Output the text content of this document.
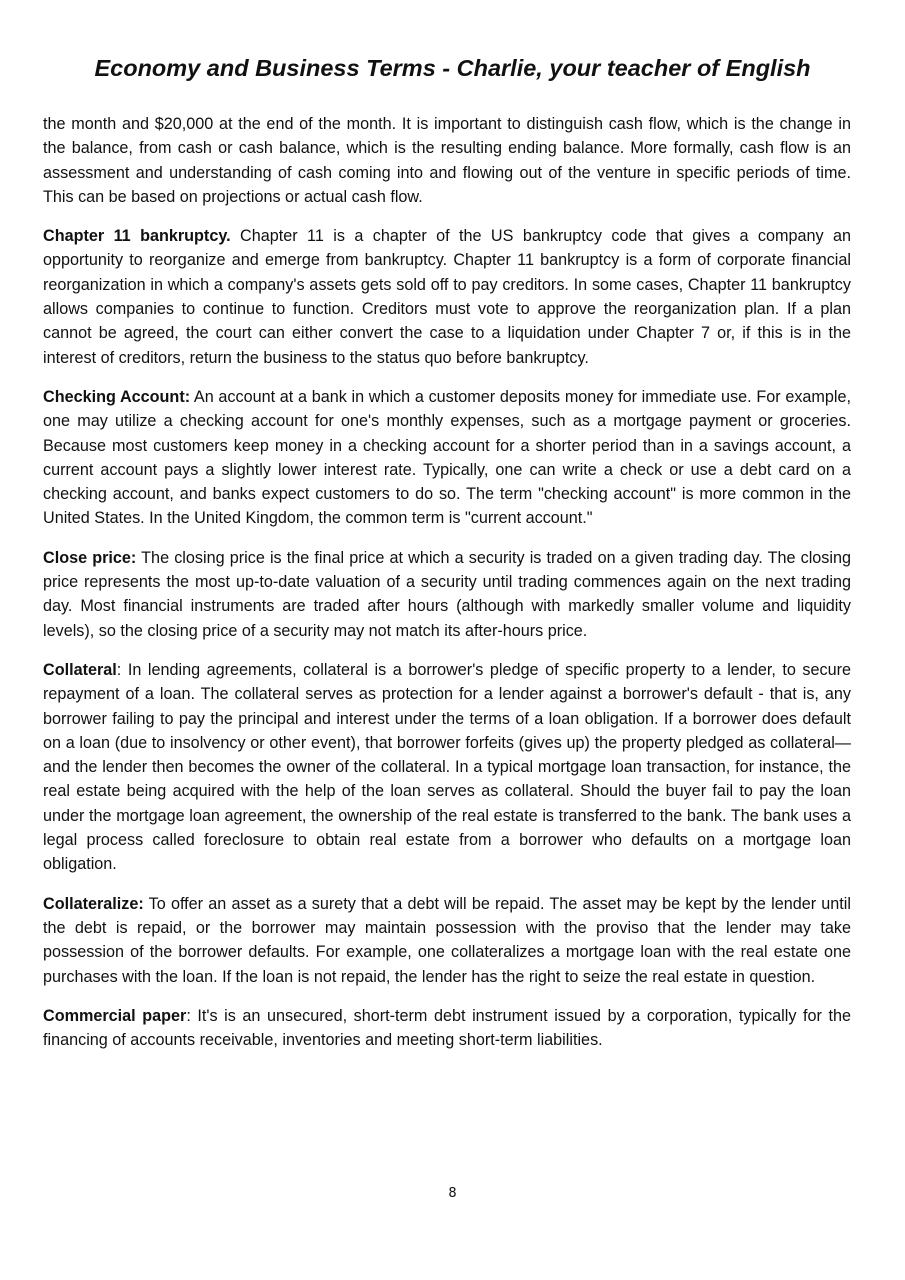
Economy and Business Terms - Charlie, your teacher of English

the month and $20,000 at the end of the month. It is important to distinguish cash flow, which is the change in the balance, from cash or cash balance, which is the resulting ending balance. More formally, cash flow is an assessment and understanding of cash coming into and flowing out of the venture in specific periods of time. This can be based on projections or actual cash flow.

Chapter 11 bankruptcy. Chapter 11 is a chapter of the US bankruptcy code that gives a company an opportunity to reorganize and emerge from bankruptcy. Chapter 11 bankruptcy is a form of corporate financial reorganization in which a company's assets gets sold off to pay creditors. In some cases, Chapter 11 bankruptcy allows companies to continue to function. Creditors must vote to approve the reorganization plan. If a plan cannot be agreed, the court can either convert the case to a liquidation under Chapter 7 or, if this is in the interest of creditors, return the business to the status quo before bankruptcy.

Checking Account: An account at a bank in which a customer deposits money for immediate use. For example, one may utilize a checking account for one's monthly expenses, such as a mortgage payment or groceries. Because most customers keep money in a checking account for a shorter period than in a savings account, a current account pays a slightly lower interest rate. Typically, one can write a check or use a debt card on a checking account, and banks expect customers to do so. The term "checking account" is more common in the United States. In the United Kingdom, the common term is "current account."

Close price: The closing price is the final price at which a security is traded on a given trading day. The closing price represents the most up-to-date valuation of a security until trading commences again on the next trading day. Most financial instruments are traded after hours (although with markedly smaller volume and liquidity levels), so the closing price of a security may not match its after-hours price.

Collateral: In lending agreements, collateral is a borrower's pledge of specific property to a lender, to secure repayment of a loan. The collateral serves as protection for a lender against a borrower's default - that is, any borrower failing to pay the principal and interest under the terms of a loan obligation. If a borrower does default on a loan (due to insolvency or other event), that borrower forfeits (gives up) the property pledged as collateral—and the lender then becomes the owner of the collateral. In a typical mortgage loan transaction, for instance, the real estate being acquired with the help of the loan serves as collateral. Should the buyer fail to pay the loan under the mortgage loan agreement, the ownership of the real estate is transferred to the bank. The bank uses a legal process called foreclosure to obtain real estate from a borrower who defaults on a mortgage loan obligation.

Collateralize: To offer an asset as a surety that a debt will be repaid. The asset may be kept by the lender until the debt is repaid, or the borrower may maintain possession with the proviso that the lender may take possession of the borrower defaults. For example, one collateralizes a mortgage loan with the real estate one purchases with the loan. If the loan is not repaid, the lender has the right to seize the real estate in question.

Commercial paper: It's is an unsecured, short-term debt instrument issued by a corporation, typically for the financing of accounts receivable, inventories and meeting short-term liabilities.

8
